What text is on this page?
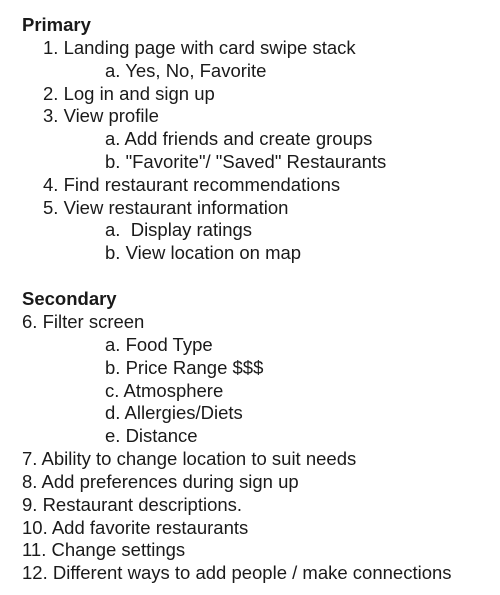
Primary
1. Landing page with card swipe stack
a. Yes, No, Favorite
2. Log in and sign up
3. View profile
a. Add friends and create groups
b. "Favorite"/ "Saved" Restaurants
4. Find restaurant recommendations
5. View restaurant information
a.  Display ratings
b. View location on map
Secondary
6. Filter screen
a. Food Type
b. Price Range $$$
c. Atmosphere
d. Allergies/Diets
e. Distance
7. Ability to change location to suit needs
8. Add preferences during sign up
9. Restaurant descriptions.
10. Add favorite restaurants
11. Change settings
12. Different ways to add people / make connections
